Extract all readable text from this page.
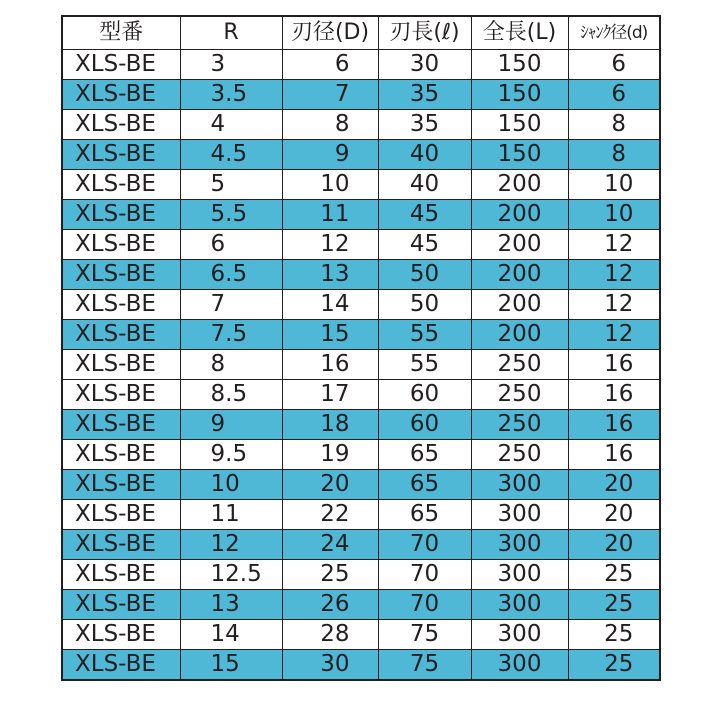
型番	R	刃径(D)	刃長(ℓ)	全長(L)	ｼｬﾝｸ径(d)
XLS-BE	3	6	30	150	6
XLS-BE	3.5	7	35	150	6
XLS-BE	4	8	35	150	8
XLS-BE	4.5	9	40	150	8
XLS-BE	5	10	40	200	10
XLS-BE	5.5	11	45	200	10
XLS-BE	6	12	45	200	12
XLS-BE	6.5	13	50	200	12
XLS-BE	7	14	50	200	12
XLS-BE	7.5	15	55	200	12
XLS-BE	8	16	55	250	16
XLS-BE	8.5	17	60	250	16
XLS-BE	9	18	60	250	16
XLS-BE	9.5	19	65	250	16
XLS-BE	10	20	65	300	20
XLS-BE	11	22	65	300	20
XLS-BE	12	24	70	300	20
XLS-BE	12.5	25	70	300	25
XLS-BE	13	26	70	300	25
XLS-BE	14	28	75	300	25
XLS-BE	15	30	75	300	25
